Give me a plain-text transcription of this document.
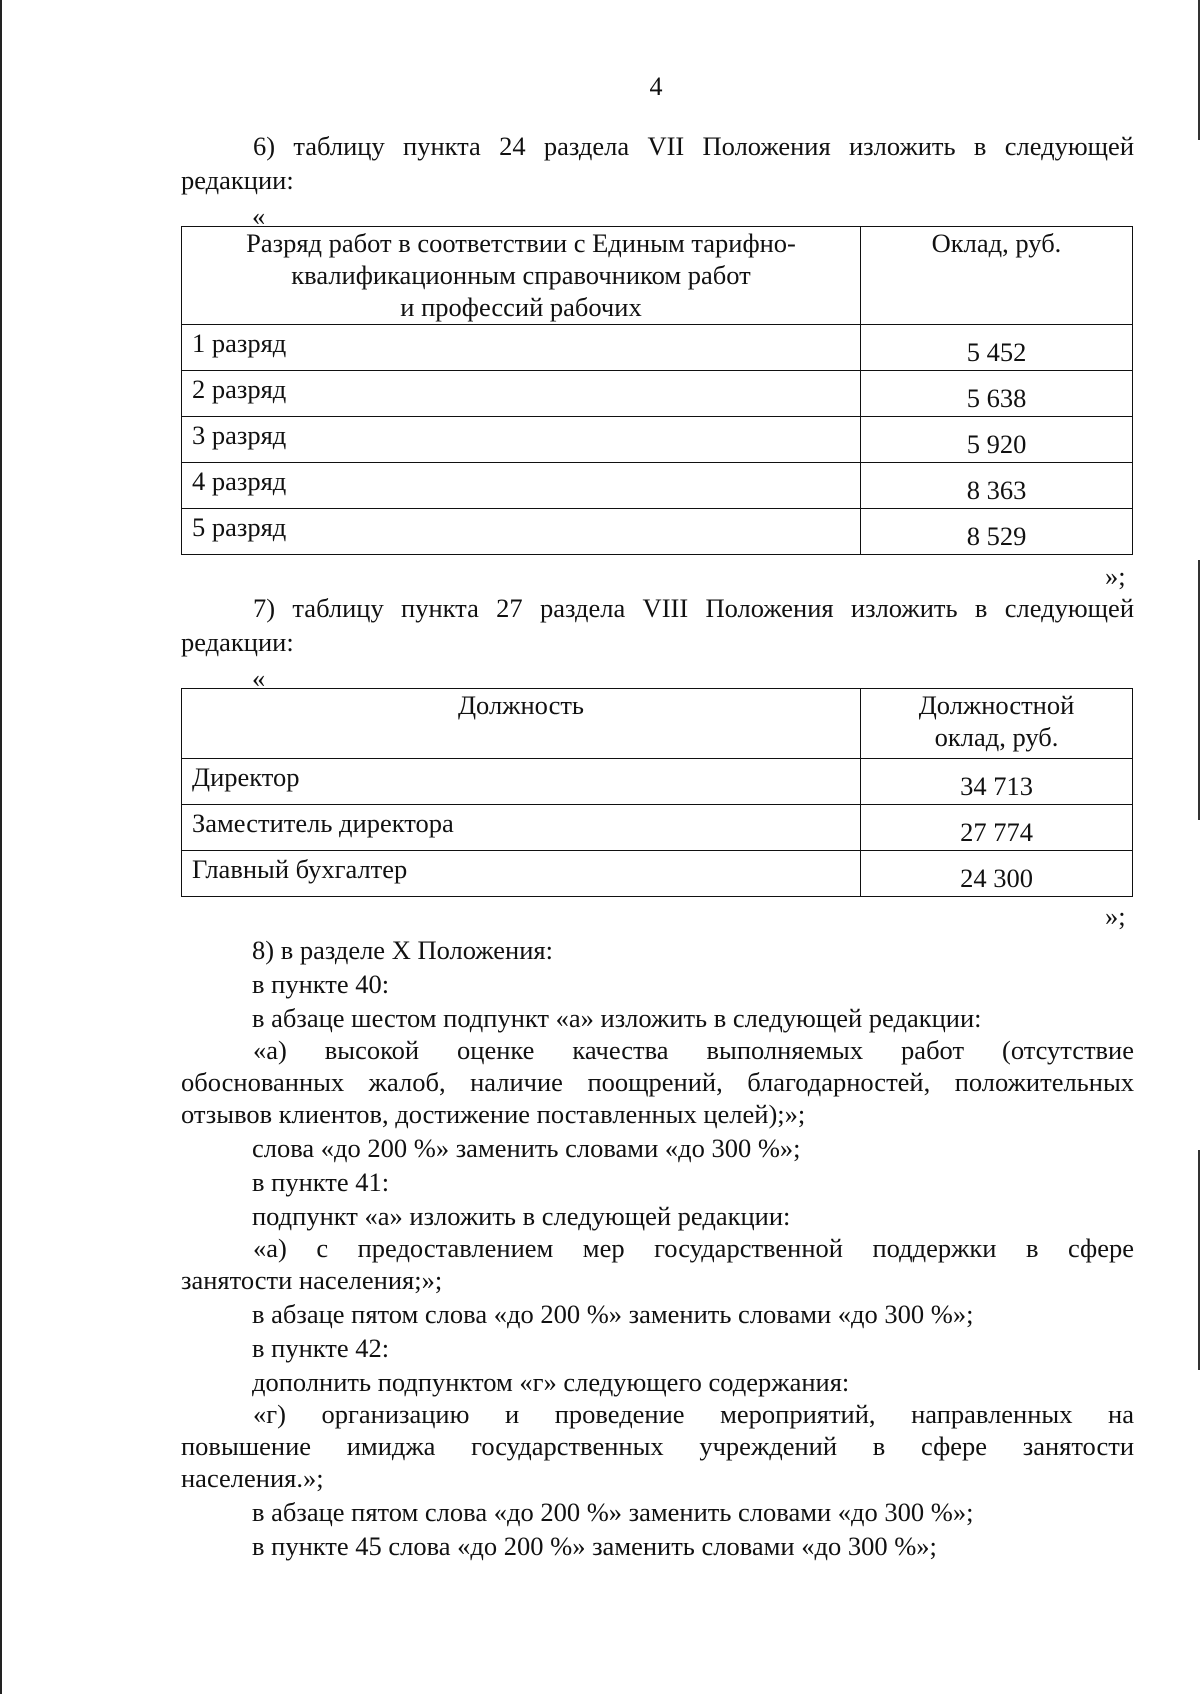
4
6) таблицу пункта 24 раздела VII Положения изложить в следующей
редакции:
«
Разряд работ в соответствии с Единым тарифно-
квалификационным справочником работ
и профессий рабочих	Оклад, руб.
1 разряд	5 452
2 разряд	5 638
3 разряд	5 920
4 разряд	8 363
5 разряд	8 529
»;
7) таблицу пункта 27 раздела VIII Положения изложить в следующей
редакции:
«
Должность	Должностной
оклад, руб.

Директор	34 713
Заместитель директора	27 774
Главный бухгалтер	24 300
»;
8) в разделе X Положения:
в пункте 40:
в абзаце шестом подпункт «а» изложить в следующей редакции:
«а) высокой оценке качества выполняемых работ (отсутствие
обоснованных жалоб, наличие поощрений, благодарностей, положительных
отзывов клиентов, достижение поставленных целей);»;
слова «до 200 %» заменить словами «до 300 %»;
в пункте 41:
подпункт «а» изложить в следующей редакции:
«а) с предоставлением мер государственной поддержки в сфере
занятости населения;»;
в абзаце пятом слова «до 200 %» заменить словами «до 300 %»;
в пункте 42:
дополнить подпунктом «г» следующего содержания:
«г) организацию и проведение мероприятий, направленных на
повышение имиджа государственных учреждений в сфере занятости
населения.»;
в абзаце пятом слова «до 200 %» заменить словами «до 300 %»;
в пункте 45 слова «до 200 %» заменить словами «до 300 %»;
